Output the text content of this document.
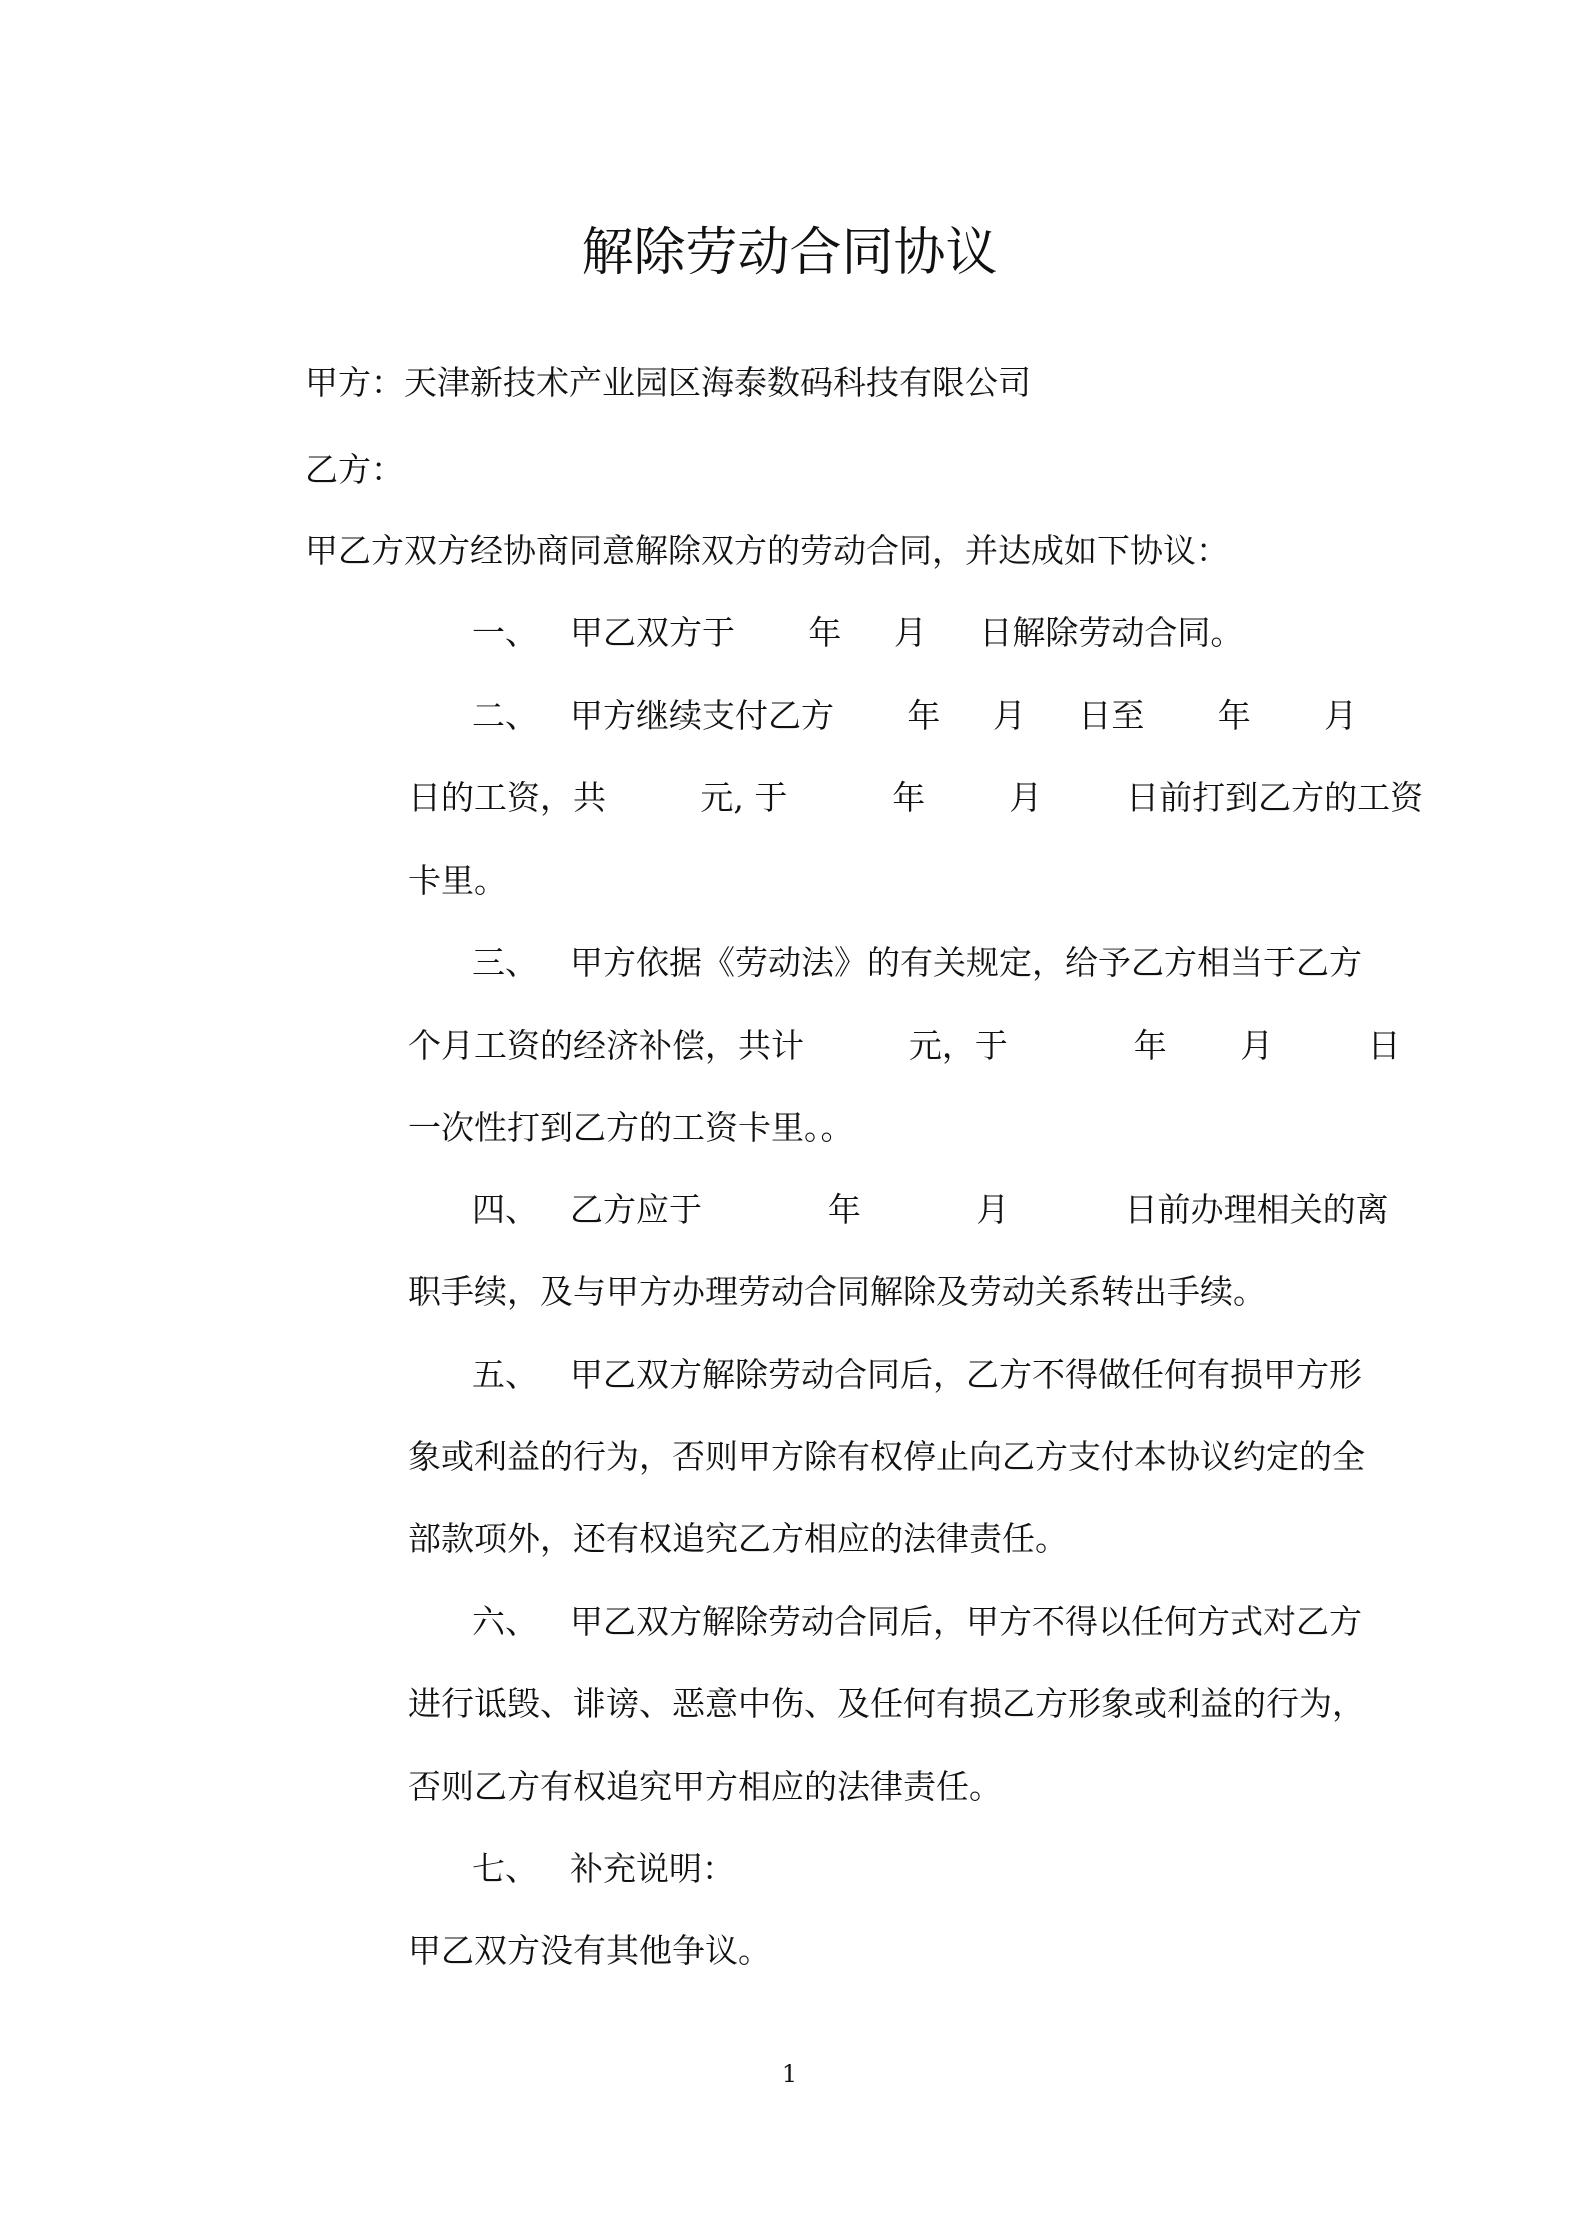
解除劳动合同协议
甲方：天津新技术产业园区海泰数码科技有限公司
乙方：
甲乙方双方经协商同意解除双方的劳动合同，并达成如下协议：
一、 甲乙双方于       年     月     日解除劳动合同。
二、 甲方继续支付乙方       年     月     日至       年       月
日的工资，共         元, 于          年        月        日前打到乙方的工资
卡里。
三、 甲方依据《劳动法》的有关规定，给予乙方相当于乙方
个月工资的经济补偿，共计          元，于            年       月         日
一次性打到乙方的工资卡里。。
四、 乙方应于            年           月           日前办理相关的离
职手续，及与甲方办理劳动合同解除及劳动关系转出手续。
五、 甲乙双方解除劳动合同后，乙方不得做任何有损甲方形
象或利益的行为，否则甲方除有权停止向乙方支付本协议约定的全
部款项外，还有权追究乙方相应的法律责任。
六、 甲乙双方解除劳动合同后，甲方不得以任何方式对乙方
进行诋毁、诽谤、恶意中伤、及任何有损乙方形象或利益的行为，
否则乙方有权追究甲方相应的法律责任。
七、 补充说明：
甲乙双方没有其他争议。
1
